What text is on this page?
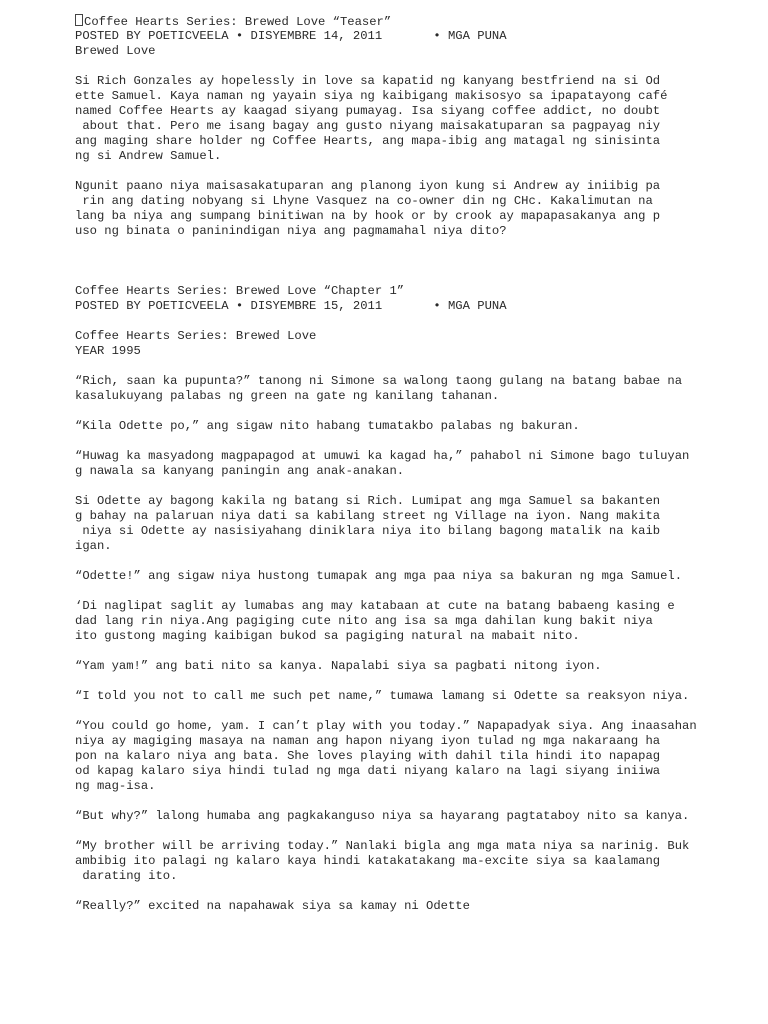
Coffee Hearts Series: Brewed Love “Teaser”
POSTED BY POETICVEELA • DISYEMBRE 14, 2011       • MGA PUNA
Brewed Love
Si Rich Gonzales ay hopelessly in love sa kapatid ng kanyang bestfriend na si Od
ette Samuel. Kaya naman ng yayain siya ng kaibigang makisosyo sa ipapatayong café
named Coffee Hearts ay kaagad siyang pumayag. Isa siyang coffee addict, no doubt
about that. Pero me isang bagay ang gusto niyang maisakatuparan sa pagpayag niy
ang maging share holder ng Coffee Hearts, ang mapa-ibig ang matagal ng sinisinta
ng si Andrew Samuel.
Ngunit paano niya maisasakatuparan ang planong iyon kung si Andrew ay iniibig pa
rin ang dating nobyang si Lhyne Vasquez na co-owner din ng CHc. Kakalimutan na
lang ba niya ang sumpang binitiwan na by hook or by crook ay mapapasakanya ang p
uso ng binata o paninindigan niya ang pagmamahal niya dito?
Coffee Hearts Series: Brewed Love “Chapter 1”
POSTED BY POETICVEELA • DISYEMBRE 15, 2011       • MGA PUNA
Coffee Hearts Series: Brewed Love
YEAR 1995
“Rich, saan ka pupunta?” tanong ni Simone sa walong taong gulang na batang babae na
kasalukuyang palabas ng green na gate ng kanilang tahanan.
“Kila Odette po,” ang sigaw nito habang tumatakbo palabas ng bakuran.
“Huwag ka masyadong magpapagod at umuwi ka kagad ha,” pahabol ni Simone bago tuluyan
g nawala sa kanyang paningin ang anak-anakan.
Si Odette ay bagong kakila ng batang si Rich. Lumipat ang mga Samuel sa bakanten
g bahay na palaruan niya dati sa kabilang street ng Village na iyon. Nang makita
niya si Odette ay nasisiyahang diniklara niya ito bilang bagong matalik na kaib
igan.
“Odette!” ang sigaw niya hustong tumapak ang mga paa niya sa bakuran ng mga Samuel.
‘Di naglipat saglit ay lumabas ang may katabaan at cute na batang babaeng kasing e
dad lang rin niya.Ang pagiging cute nito ang isa sa mga dahilan kung bakit niya
ito gustong maging kaibigan bukod sa pagiging natural na mabait nito.
“Yam yam!” ang bati nito sa kanya. Napalabi siya sa pagbati nitong iyon.
“I told you not to call me such pet name,” tumawa lamang si Odette sa reaksyon niya.
“You could go home, yam. I can’t play with you today.” Napapadyak siya. Ang inaasahan
niya ay magiging masaya na naman ang hapon niyang iyon tulad ng mga nakaraang ha
pon na kalaro niya ang bata. She loves playing with dahil tila hindi ito napapag
od kapag kalaro siya hindi tulad ng mga dati niyang kalaro na lagi siyang iniiwa
ng mag-isa.
“But why?” lalong humaba ang pagkakanguso niya sa hayarang pagtataboy nito sa kanya.
“My brother will be arriving today.” Nanlaki bigla ang mga mata niya sa narinig. Buk
ambibig ito palagi ng kalaro kaya hindi katakatakang ma-excite siya sa kaalamang
darating ito.
“Really?” excited na napahawak siya sa kamay ni Odette
